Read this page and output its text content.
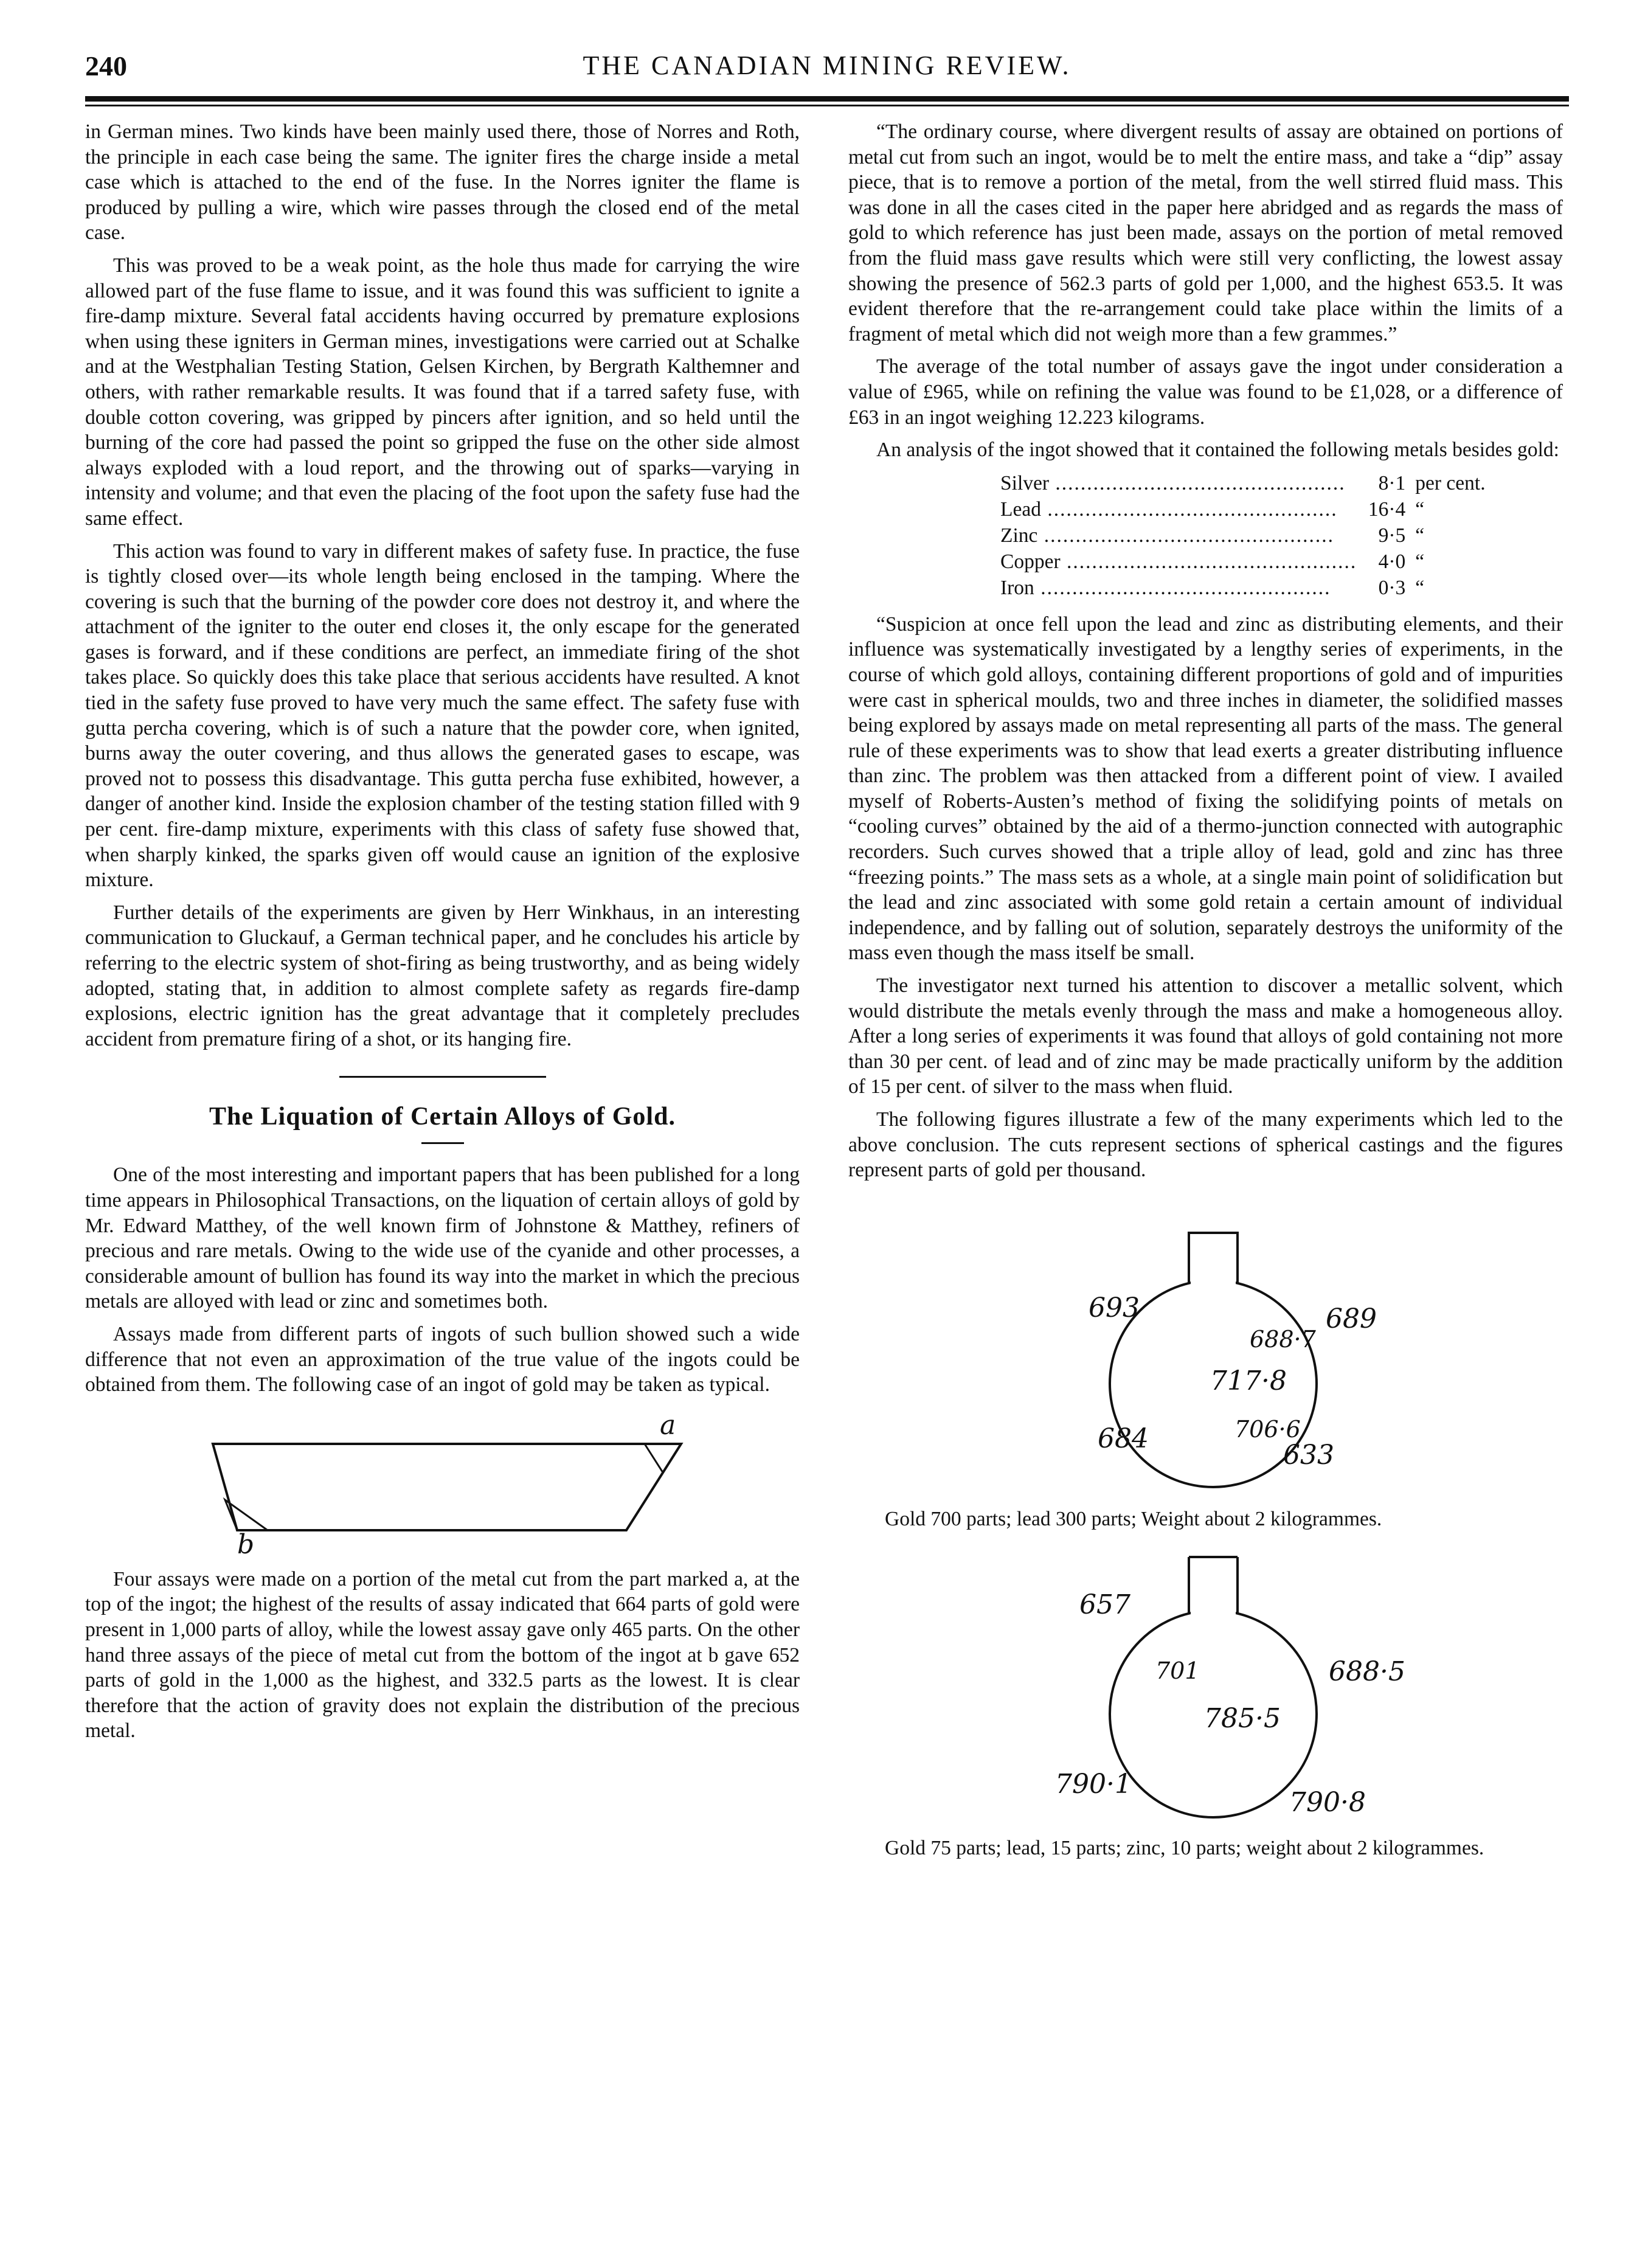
240	THE CANADIAN MINING REVIEW.

in German mines. Two kinds have been mainly used there, those of Norres and Roth, the principle in each case being the same. The igniter fires the charge inside a metal case which is attached to the end of the fuse. In the Norres igniter the flame is produced by pulling a wire, which wire passes through the closed end of the metal case.

This was proved to be a weak point, as the hole thus made for carrying the wire allowed part of the fuse flame to issue, and it was found this was sufficient to ignite a fire-damp mixture. Several fatal accidents having occurred by premature explosions when using these igniters in German mines, investigations were carried out at Schalke and at the Westphalian Testing Station, Gelsen Kirchen, by Bergrath Kalthemner and others, with rather remarkable results. It was found that if a tarred safety fuse, with double cotton covering, was gripped by pincers after ignition, and so held until the burning of the core had passed the point so gripped the fuse on the other side almost always exploded with a loud report, and the throwing out of sparks—varying in intensity and volume; and that even the placing of the foot upon the safety fuse had the same effect.

This action was found to vary in different makes of safety fuse. In practice, the fuse is tightly closed over—its whole length being enclosed in the tamping. Where the covering is such that the burning of the powder core does not destroy it, and where the attachment of the igniter to the outer end closes it, the only escape for the generated gases is forward, and if these conditions are perfect, an immediate firing of the shot takes place. So quickly does this take place that serious accidents have resulted. A knot tied in the safety fuse proved to have very much the same effect. The safety fuse with gutta percha covering, which is of such a nature that the powder core, when ignited, burns away the outer covering, and thus allows the generated gases to escape, was proved not to possess this disadvantage. This gutta percha fuse exhibited, however, a danger of another kind. Inside the explosion chamber of the testing station filled with 9 per cent. fire-damp mixture, experiments with this class of safety fuse showed that, when sharply kinked, the sparks given off would cause an ignition of the explosive mixture.

Further details of the experiments are given by Herr Winkhaus, in an interesting communication to Gluckauf, a German technical paper, and he concludes his article by referring to the electric system of shot-firing as being trustworthy, and as being widely adopted, stating that, in addition to almost complete safety as regards fire-damp explosions, electric ignition has the great advantage that it completely precludes accident from premature firing of a shot, or its hanging fire.

The Liquation of Certain Alloys of Gold.

One of the most interesting and important papers that has been published for a long time appears in Philosophical Transactions, on the liquation of certain alloys of gold by Mr. Edward Matthey, of the well known firm of Johnstone & Matthey, refiners of precious and rare metals. Owing to the wide use of the cyanide and other processes, a considerable amount of bullion has found its way into the market in which the precious metals are alloyed with lead or zinc and sometimes both.

Assays made from different parts of ingots of such bullion showed such a wide difference that not even an approximation of the true value of the ingots could be obtained from them. The following case of an ingot of gold may be taken as typical.

a
b

Four assays were made on a portion of the metal cut from the part marked a, at the top of the ingot; the highest of the results of assay indicated that 664 parts of gold were present in 1,000 parts of alloy, while the lowest assay gave only 465 parts. On the other hand three assays of the piece of metal cut from the bottom of the ingot at b gave 652 parts of gold in the 1,000 as the highest, and 332.5 parts as the lowest. It is clear therefore that the action of gravity does not explain the distribution of the precious metal.

“The ordinary course, where divergent results of assay are obtained on portions of metal cut from such an ingot, would be to melt the entire mass, and take a “dip” assay piece, that is to remove a portion of the metal, from the well stirred fluid mass. This was done in all the cases cited in the paper here abridged and as regards the mass of gold to which reference has just been made, assays on the portion of metal removed from the fluid mass gave results which were still very conflicting, the lowest assay showing the presence of 562.3 parts of gold per 1,000, and the highest 653.5. It was evident therefore that the re-arrangement could take place within the limits of a fragment of metal which did not weigh more than a few grammes.”

The average of the total number of assays gave the ingot under consideration a value of £965, while on refining the value was found to be £1,028, or a difference of £63 in an ingot weighing 12.223 kilograms.

An analysis of the ingot showed that it contained the following metals besides gold:

Silver ..............................................	8·1	per cent.
Lead ..............................................	16·4	“
Zinc ..............................................	9·5	“
Copper ..............................................	4·0	“
Iron ..............................................	0·3	“

“Suspicion at once fell upon the lead and zinc as distributing elements, and their influence was systematically investigated by a lengthy series of experiments, in the course of which gold alloys, containing different proportions of gold and of impurities were cast in spherical moulds, two and three inches in diameter, the solidified masses being explored by assays made on metal representing all parts of the mass. The general rule of these experiments was to show that lead exerts a greater distributing influence than zinc. The problem was then attacked from a different point of view. I availed myself of Roberts-Austen’s method of fixing the solidifying points of metals on “cooling curves” obtained by the aid of a thermo-junction connected with autographic recorders. Such curves showed that a triple alloy of lead, gold and zinc has three “freezing points.” The mass sets as a whole, at a single main point of solidification but the lead and zinc associated with some gold retain a certain amount of individual independence, and by falling out of solution, separately destroys the uniformity of the mass even though the mass itself be small.

The investigator next turned his attention to discover a metallic solvent, which would distribute the metals evenly through the mass and make a homogeneous alloy. After a long series of experiments it was found that alloys of gold containing not more than 30 per cent. of lead and of zinc may be made practically uniform by the addition of 15 per cent. of silver to the mass when fluid.

The following figures illustrate a few of the many experiments which led to the above conclusion. The cuts represent sections of spherical castings and the figures represent parts of gold per thousand.

693	689
688·7
717·8
706·6
684
633

Gold 700 parts; lead 300 parts; Weight about 2 kilogrammes.

657
701	688·5
785·5
790·1
790·8

Gold 75 parts; lead, 15 parts; zinc, 10 parts; weight about 2 kilogrammes.
